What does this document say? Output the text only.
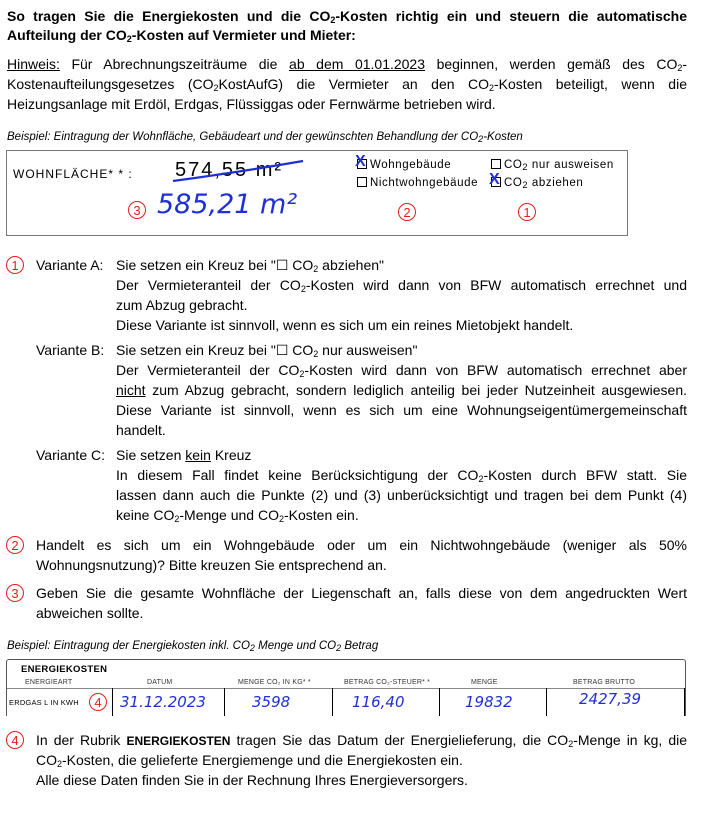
So tragen Sie die Energiekosten und die $CO_2$-Kosten richtig ein und steuern die automatische
Aufteilung der $CO_2$-Kosten auf Vermieter und Mieter:
Hinweis: Für Abrechnungszeiträume die ab dem 01.01.2023 beginnen, werden gemäß des $CO_2-$
Kostenaufteilungsgesetzes $(CO_2KostAufG)$ die Vermieter an den $CO_2$-Kosten beteiligt, wenn die
Heizungsanlage mit Erdöl, Erdgas, Flüssiggas oder Fernwärme betrieben wird.
Beispiel: Eintragung der Wohnfläche, Gebäudeart und der gewünschten Behandlung der $CO_2$-Kosten
WOHNFLÄCHE* * : 574,55 m²
3 585,21 m²
X Wohngebäude
Nichtwohngebäude
$CO_2$ nur ausweisen
X $CO_2$ abziehen
2	1
1	Variante A: Sie setzen ein Kreuz bei "☐ $CO_2$ abziehen"
Der Vermieteranteil der $CO_2$-Kosten wird dann von BFW automatisch errechnet und
zum Abzug gebracht.
Diese Variante ist sinnvoll, wenn es sich um ein reines Mietobjekt handelt.
Variante B: Sie setzen ein Kreuz bei "☐ $CO_2$ nur ausweisen"
Der Vermieteranteil der $CO_2$-Kosten wird dann von BFW automatisch errechnet aber
nicht zum Abzug gebracht, sondern lediglich anteilig bei jeder Nutzeinheit ausgewiesen.
Diese Variante ist sinnvoll, wenn es sich um eine Wohnungseigentümergemeinschaft
handelt.
Variante C: Sie setzen kein Kreuz
In diesem Fall findet keine Berücksichtigung der $CO_2$-Kosten durch BFW statt. Sie
lassen dann auch die Punkte (2) und (3) unberücksichtigt und tragen bei dem Punkt (4)
keine $CO_2$-Menge und $CO_2$-Kosten ein.
2	Handelt es sich um ein Wohngebäude oder um ein Nichtwohngebäude (weniger als 50%
Wohnungsnutzung)? Bitte kreuzen Sie entsprechend an.
3	Geben Sie die gesamte Wohnfläche der Liegenschaft an, falls diese von dem angedruckten Wert
abweichen sollte.
Beispiel: Eintragung der Energiekosten inkl. $CO_2$ Menge und $CO_2$ Betrag
ENERGIEKOSTEN
ENERGIEART	DATUM	MENGE CO₂ IN KG* *	BETRAG CO₂-STEUER* *	MENGE	BETRAG BRUTTO
ERDGAS L IN KWH	4	31.12.2023	3598	116,40	19832	2427,39
4	In der Rubrik ENERGIEKOSTEN tragen Sie das Datum der Energielieferung, die $CO_2$-Menge in kg, die
$CO_2$-Kosten, die gelieferte Energiemenge und die Energiekosten ein.
Alle diese Daten finden Sie in der Rechnung Ihres Energieversorgers.
